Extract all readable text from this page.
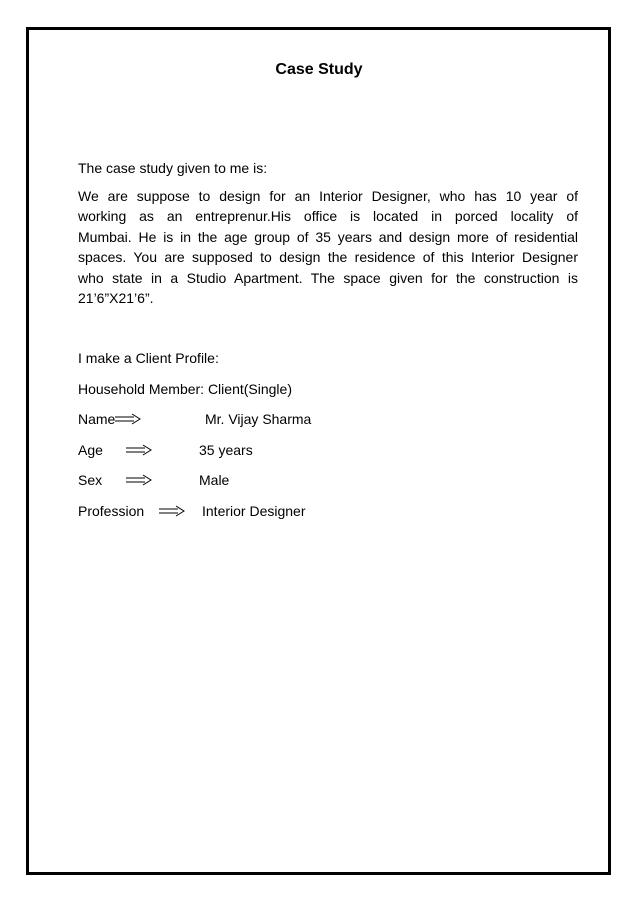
Case Study
The case study given to me is:
We are suppose to design for an Interior Designer, who has 10 year of
working as an entreprenur.His office is located in porced locality of
Mumbai. He is in the age group of 35 years and design more of residential
spaces. You are supposed to design the residence of this Interior Designer
who state in a Studio Apartment. The space given for the construction is
21’6”X21’6”.
I make a Client Profile:
Household Member: Client(Single)
Name	Mr. Vijay Sharma
Age	35 years
Sex	Male
Profession	Interior Designer
